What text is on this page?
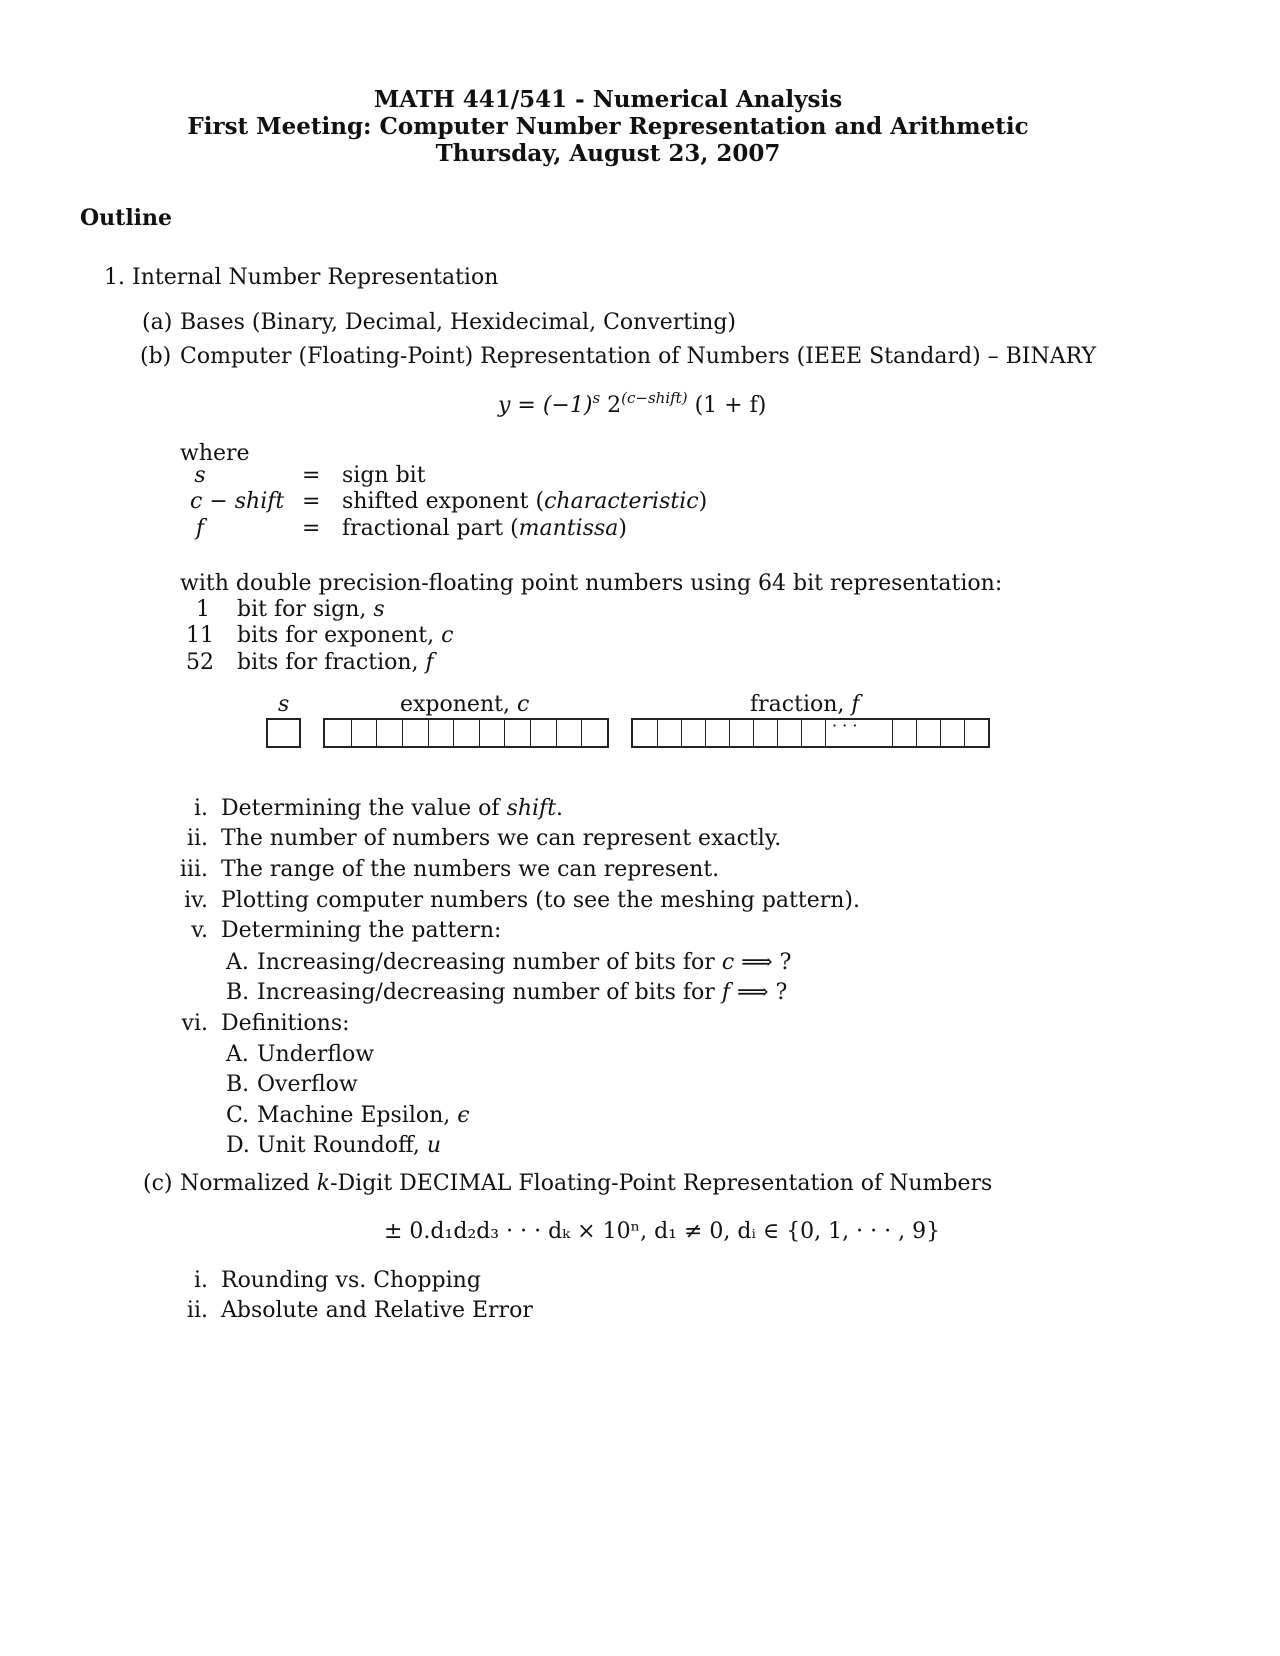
MATH 441/541 - Numerical Analysis
First Meeting: Computer Number Representation and Arithmetic
Thursday, August 23, 2007
Outline
1. Internal Number Representation
(a) Bases (Binary, Decimal, Hexidecimal, Converting)
(b) Computer (Floating-Point) Representation of Numbers (IEEE Standard) – BINARY
$y = (-1)^s$ $2^{(c-shift)}$ (1 + f)
where
s	= sign bit
c − shift = shifted exponent (characteristic)
f	= fractional part (mantissa)
with double precision-floating point numbers using 64 bit representation:
1 bit for sign, s
11 bits for exponent, c
52 bits for fraction, f
s	exponent, c	fraction, f
· · ·
i. Determining the value of shift.
ii. The number of numbers we can represent exactly.
iii. The range of the numbers we can represent.
iv. Plotting computer numbers (to see the meshing pattern).
v. Determining the pattern:
A. Increasing/decreasing number of bits for c ⟹ ?
B. Increasing/decreasing number of bits for f ⟹ ?
vi. Definitions:
A. Underflow
B. Overflow
C. Machine Epsilon, ϵ
D. Unit Roundoff, u
(c) Normalized k-Digit DECIMAL Floating-Point Representation of Numbers
± 0.d₁d₂d₃ · · · dₖ × 10ⁿ, d₁ ≠ 0, dᵢ ∈ {0, 1, · · · , 9}
i. Rounding vs. Chopping
ii. Absolute and Relative Error
